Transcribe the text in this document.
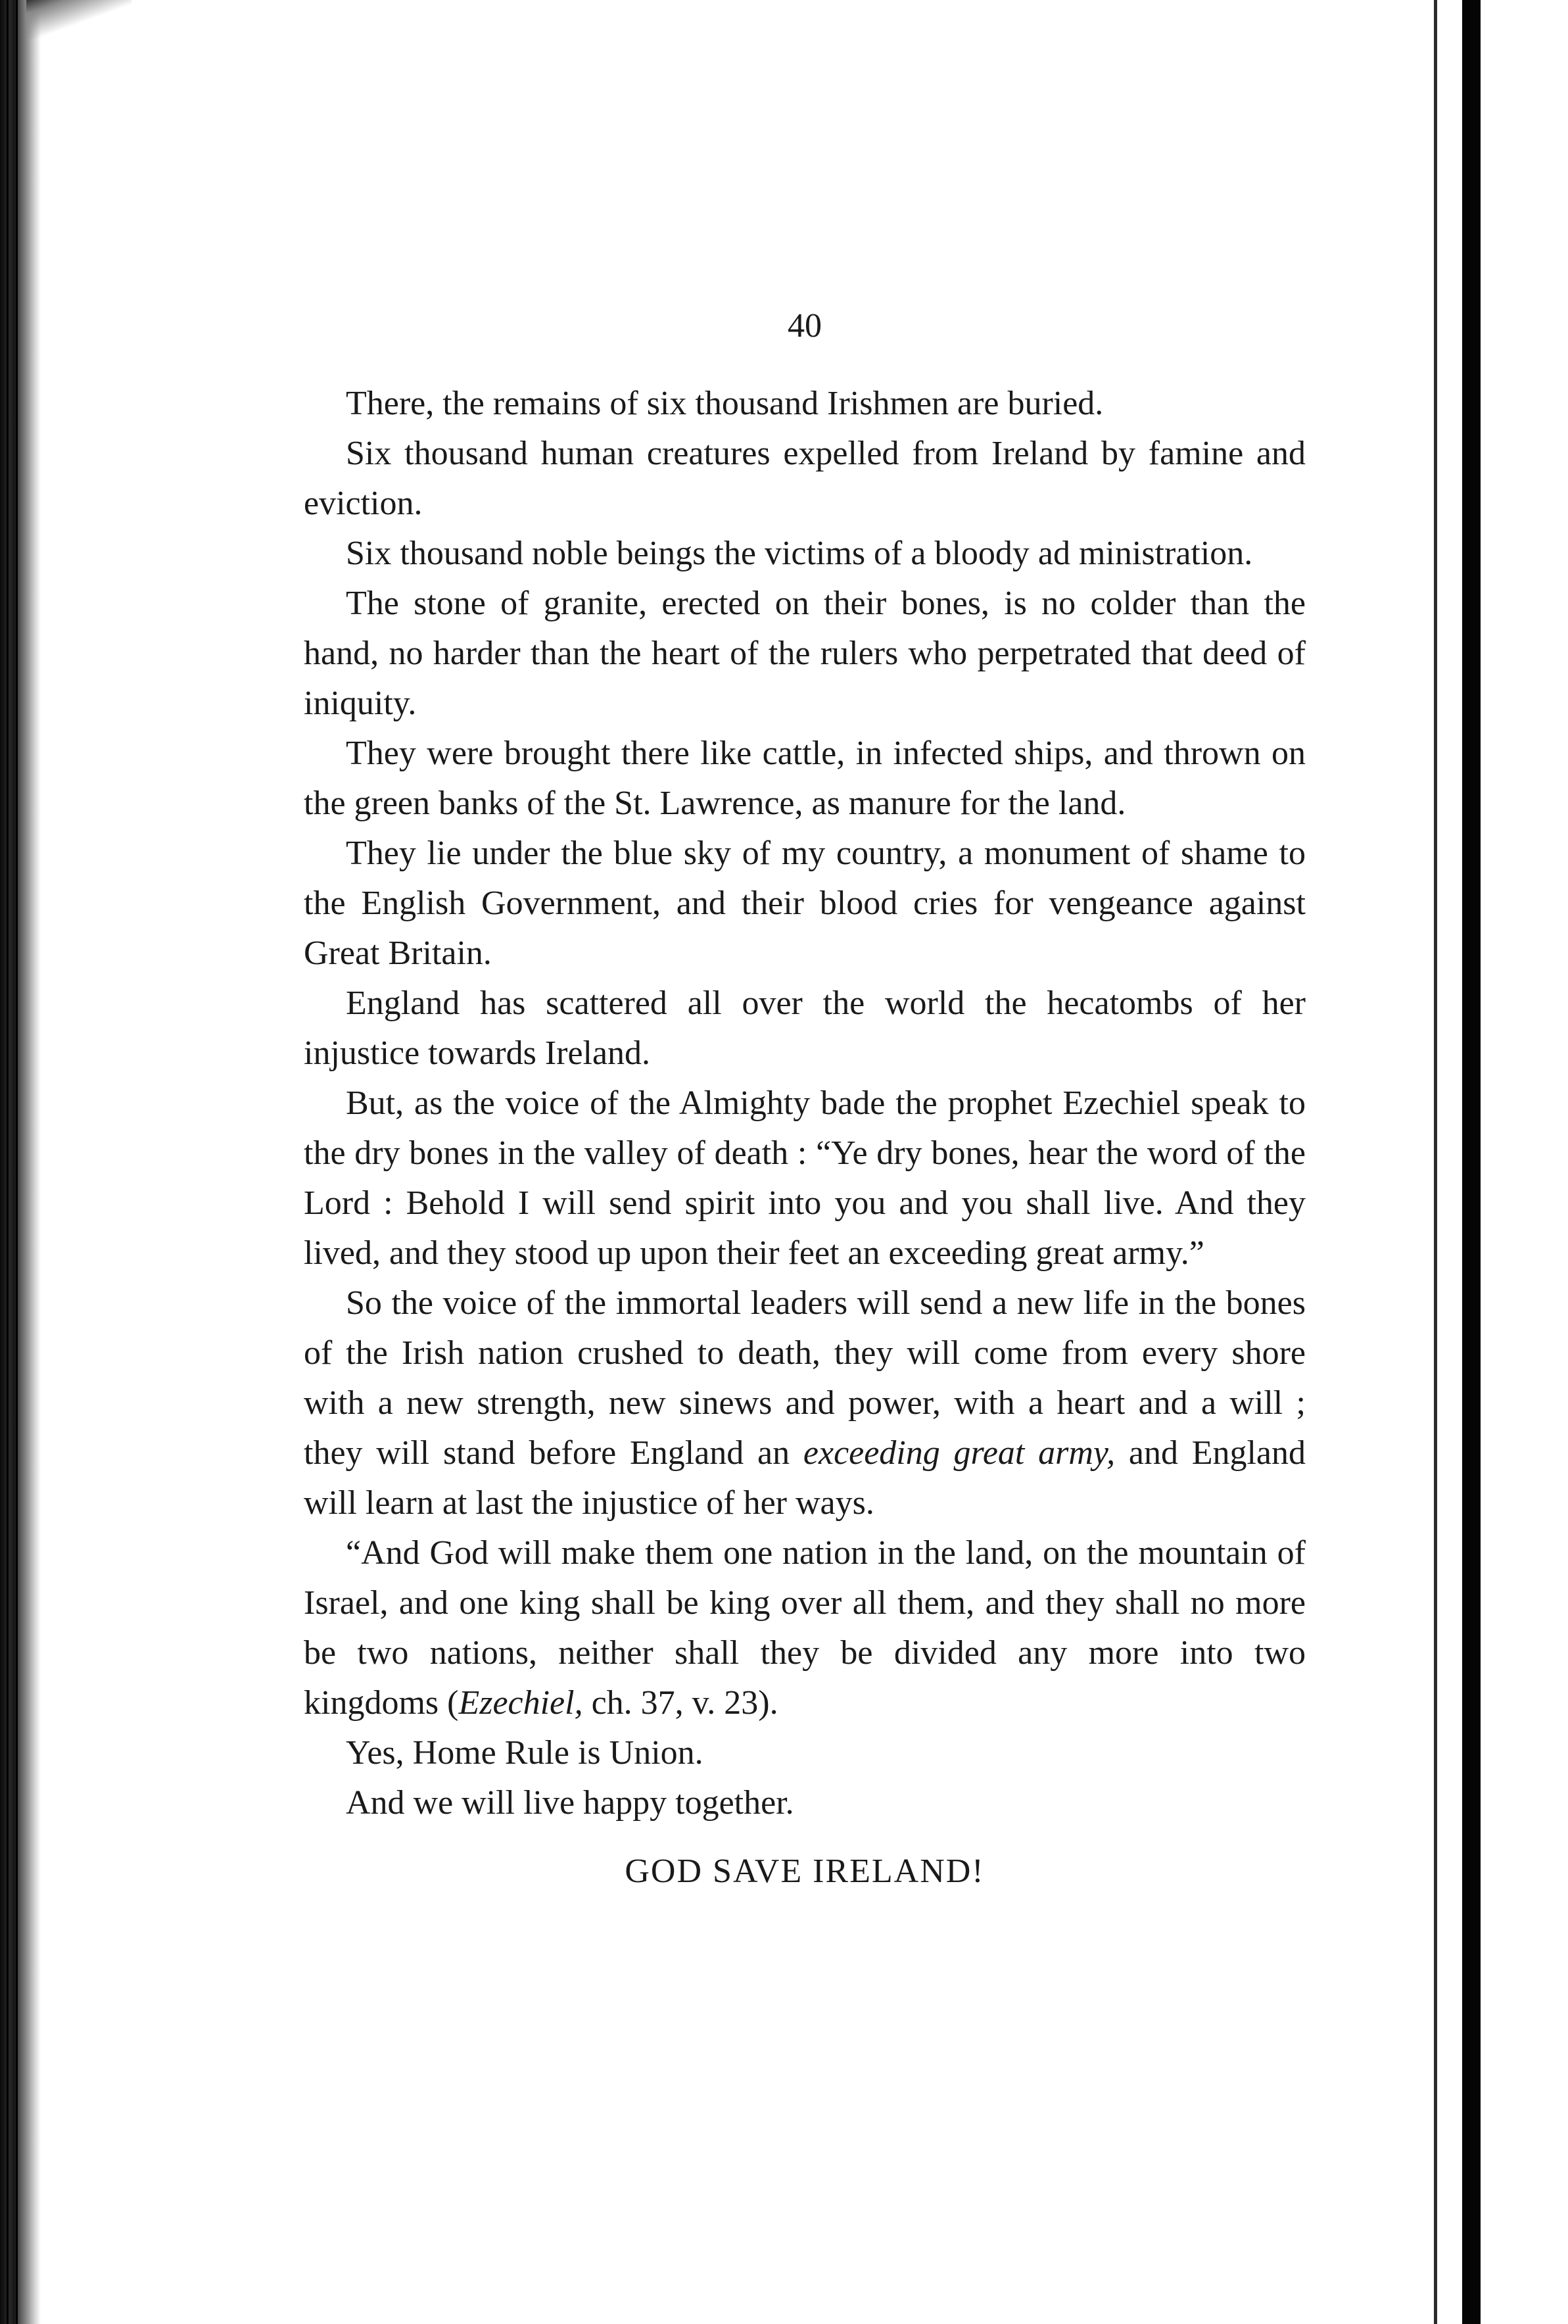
40

There, the remains of six thousand Irishmen are buried.

Six thousand human creatures expelled from Ireland by famine and eviction.

Six thousand noble beings the victims of a bloody ad ministration.

The stone of granite, erected on their bones, is no colder than the hand, no harder than the heart of the rulers who perpetrated that deed of iniquity.

They were brought there like cattle, in infected ships, and thrown on the green banks of the St. Lawrence, as manure for the land.

They lie under the blue sky of my country, a monument of shame to the English Government, and their blood cries for vengeance against Great Britain.

England has scattered all over the world the hecatombs of her injustice towards Ireland.

But, as the voice of the Almighty bade the prophet Ezechiel speak to the dry bones in the valley of death : “Ye dry bones, hear the word of the Lord : Behold I will send spirit into you and you shall live. And they lived, and they stood up upon their feet an exceeding great army.”

So the voice of the immortal leaders will send a new life in the bones of the Irish nation crushed to death, they will come from every shore with a new strength, new sinews and power, with a heart and a will ; they will stand before England an exceeding great army, and England will learn at last the injustice of her ways.

“And God will make them one nation in the land, on the mountain of Israel, and one king shall be king over all them, and they shall no more be two nations, neither shall they be divided any more into two kingdoms (Ezechiel, ch. 37, v. 23).

Yes, Home Rule is Union.

And we will live happy together.

GOD SAVE IRELAND!
